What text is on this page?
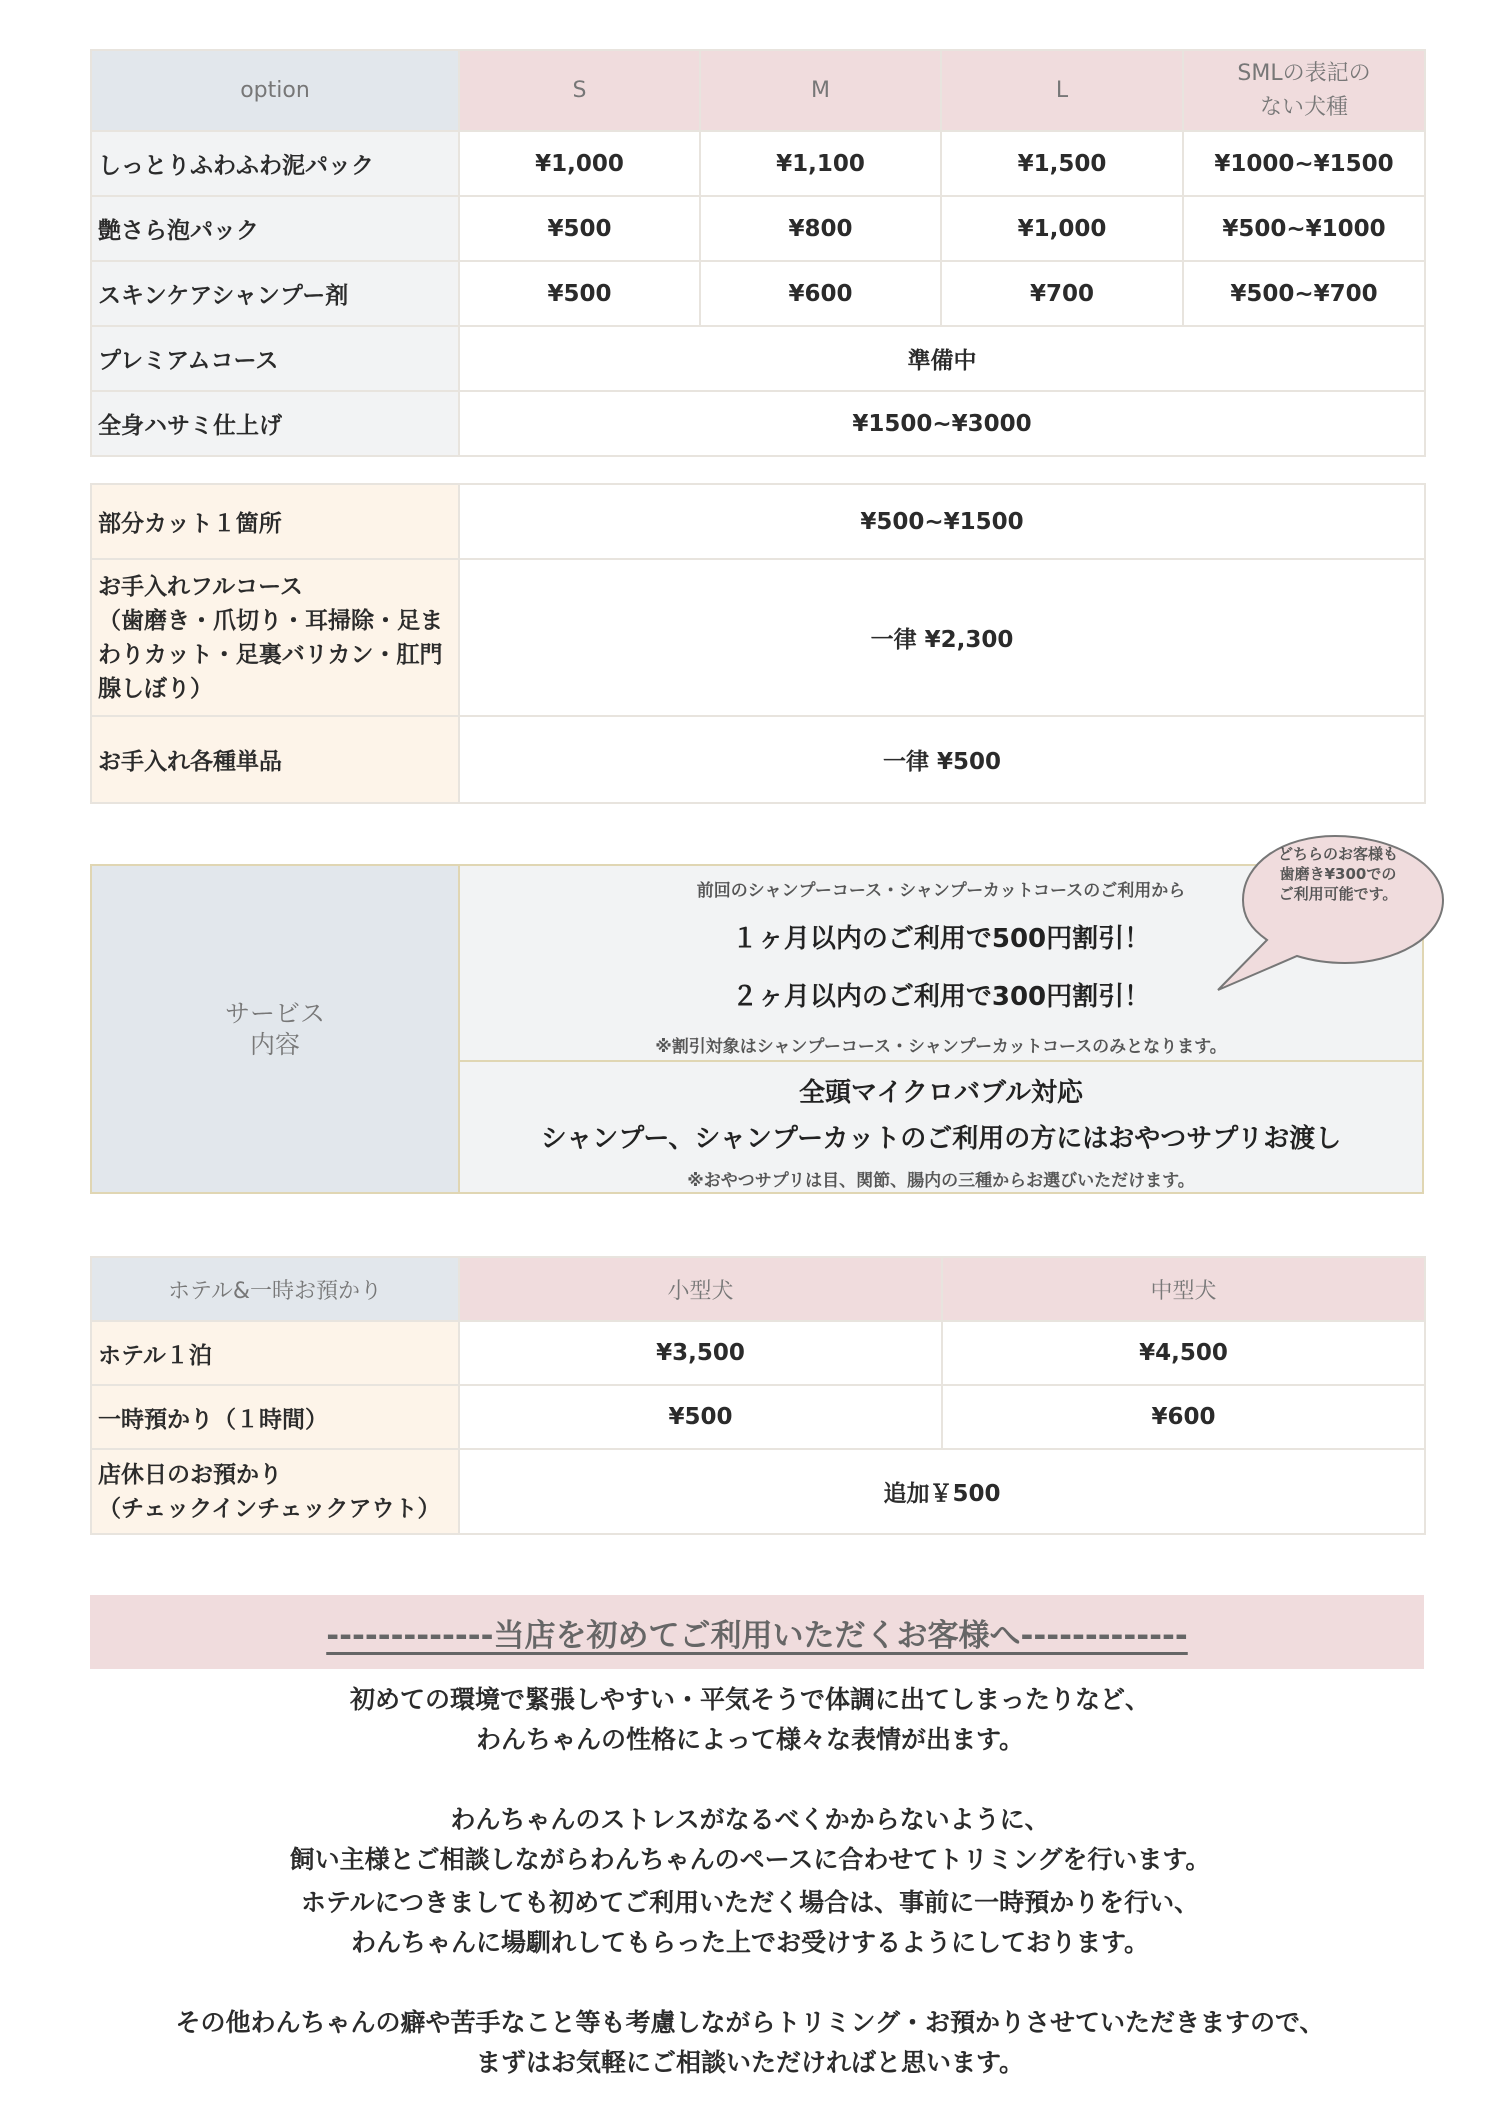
option	S	M	L	SMLの表記の
ない犬種

しっとりふわふわ泥パック	¥1,000	¥1,100	¥1,500	¥1000~¥1500
艶さら泡パック	¥500	¥800	¥1,000	¥500~¥1000
スキンケアシャンプー剤	¥500	¥600	¥700	¥500~¥700
プレミアムコース	準備中			
全身ハサミ仕上げ	¥1500~¥3000			
部分カット１箇所	¥500~¥1500

お手入れフルコース
（歯磨き・爪切り・耳掃除・足ま
わりカット・足裏バリカン・肛門
腺しぼり）	一律 ¥2,300
お手入れ各種単品	一律 ¥500
サービス
内容
前回のシャンプーコース・シャンプーカットコースのご利用から
１ヶ月以内のご利用で500円割引！
２ヶ月以内のご利用で300円割引！
※割引対象はシャンプーコース・シャンプーカットコースのみとなります。
全頭マイクロバブル対応
シャンプー、シャンプーカットのご利用の方にはおやつサプリお渡し
※おやつサプリは目、関節、腸内の三種からお選びいただけます。
どちらのお客様も
歯磨き¥300での
ご利用可能です。
ホテル&一時お預かり	小型犬	中型犬
ホテル１泊	¥3,500	¥4,500
一時預かり（１時間）	¥500	¥600

店休日のお預かり
（チェックインチェックアウト）	追加￥500	
-------------当店を初めてご利用いただくお客様へ-------------
初めての環境で緊張しやすい・平気そうで体調に出てしまったりなど、
わんちゃんの性格によって様々な表情が出ます。
わんちゃんのストレスがなるべくかからないように、
飼い主様とご相談しながらわんちゃんのペースに合わせてトリミングを行います。
ホテルにつきましても初めてご利用いただく場合は、事前に一時預かりを行い、
わんちゃんに場馴れしてもらった上でお受けするようにしております。
その他わんちゃんの癖や苦手なこと等も考慮しながらトリミング・お預かりさせていただきますので、
まずはお気軽にご相談いただければと思います。
